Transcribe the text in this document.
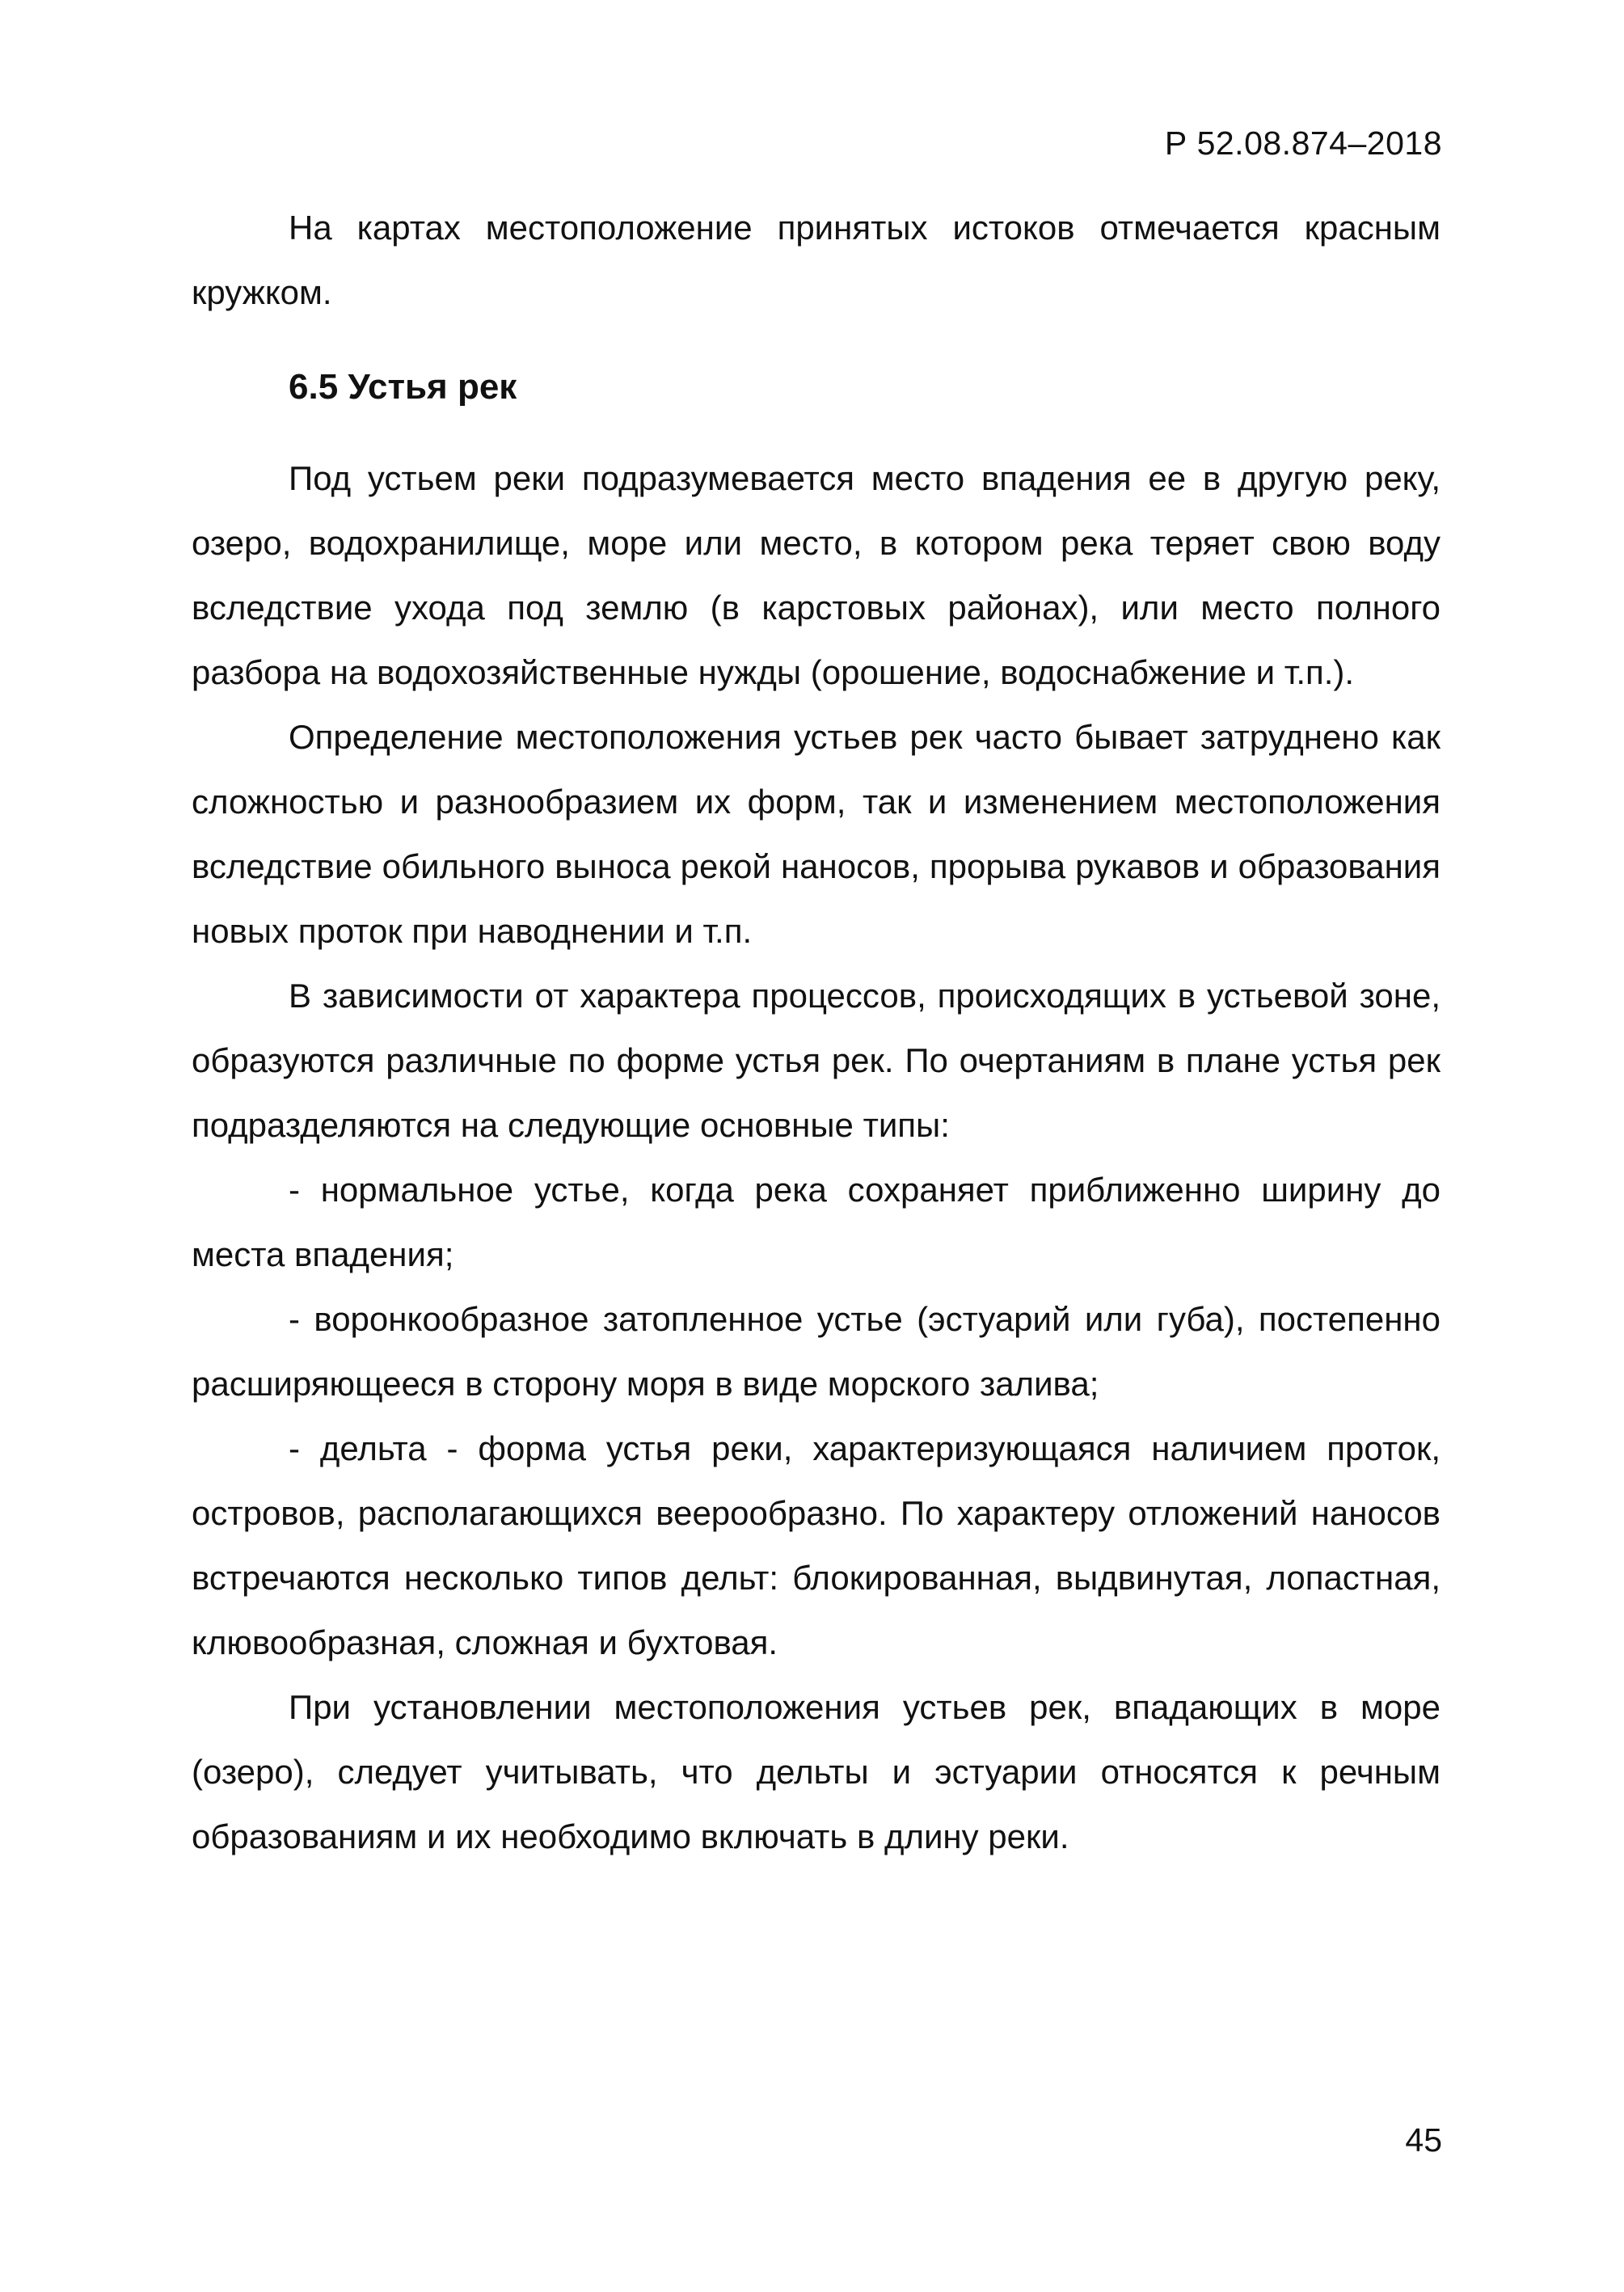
Р 52.08.874–2018

На картах местоположение принятых истоков отмечается красным кружком.

6.5 Устья рек

Под устьем реки подразумевается место впадения ее в другую реку, озеро, водохранилище, море или место, в котором река теряет свою воду вследствие ухода под землю (в карстовых районах), или место полного разбора на водохозяйственные нужды (орошение, водоснабжение и т.п.).

Определение местоположения устьев рек часто бывает затруднено как сложностью и разнообразием их форм, так и изменением местоположения вследствие обильного выноса рекой наносов, прорыва рукавов и образования новых проток при наводнении и т.п.

В зависимости от характера процессов, происходящих в устьевой зоне, образуются различные по форме устья рек. По очертаниям в плане устья рек подразделяются на следующие основные типы:

- нормальное устье, когда река сохраняет приближенно ширину до места впадения;

- воронкообразное затопленное устье (эстуарий или губа), постепенно расширяющееся в сторону моря в виде морского залива;

- дельта - форма устья реки, характеризующаяся наличием проток, островов, располагающихся веерообразно. По характеру отложений наносов встречаются несколько типов дельт: блокированная, выдвинутая, лопастная, клювообразная, сложная и бухтовая.

При установлении местоположения устьев рек, впадающих в море (озеро), следует учитывать, что дельты и эстуарии относятся к речным образованиям и их необходимо включать в длину реки.

45
